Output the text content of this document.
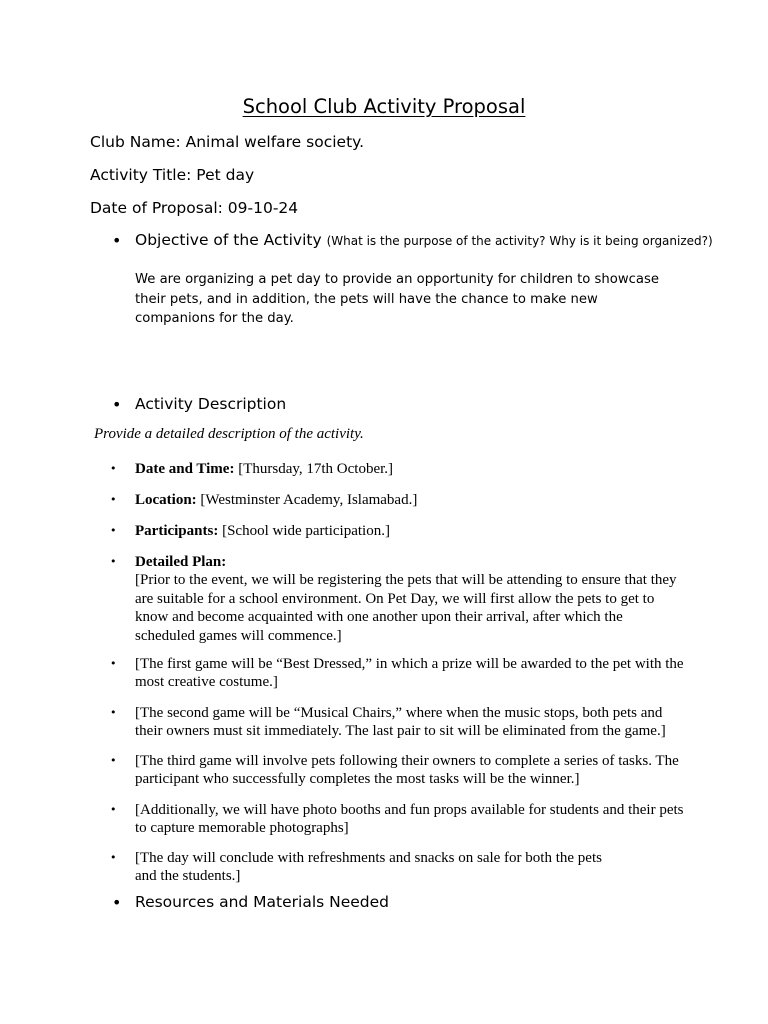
School Club Activity Proposal
Club Name: Animal welfare society.
Activity Title: Pet day
Date of Proposal: 09-10-24
• Objective of the Activity (What is the purpose of the activity? Why is it being organized?)
We are organizing a pet day to provide an opportunity for children to showcase their pets, and in addition, the pets will have the chance to make new companions for the day.
• Activity Description
Provide a detailed description of the activity.
• Date and Time: [Thursday, 17th October.]
• Location: [Westminster Academy, Islamabad.]
• Participants: [School wide participation.]
• Detailed Plan:
[Prior to the event, we will be registering the pets that will be attending to ensure that they are suitable for a school environment. On Pet Day, we will first allow the pets to get to know and become acquainted with one another upon their arrival, after which the scheduled games will commence.]
• [The first game will be “Best Dressed,” in which a prize will be awarded to the pet with the most creative costume.]
• [The second game will be “Musical Chairs,” where when the music stops, both pets and their owners must sit immediately. The last pair to sit will be eliminated from the game.]
• [The third game will involve pets following their owners to complete a series of tasks. The participant who successfully completes the most tasks will be the winner.]
• [Additionally, we will have photo booths and fun props available for students and their pets to capture memorable photographs]
• [The day will conclude with refreshments and snacks on sale for both the pets and the students.]
• Resources and Materials Needed
